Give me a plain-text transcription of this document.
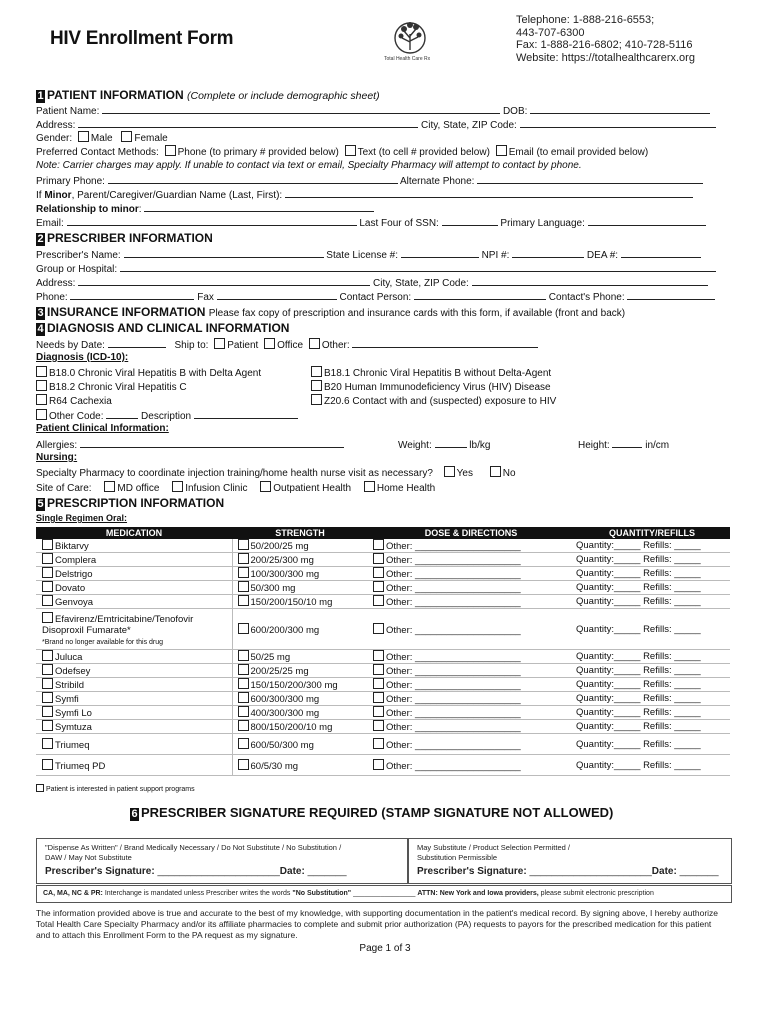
HIV Enrollment Form
Total Health Care Rx
Telephone: 1-888-216-6553;
443-707-6300
Fax: 1-888-216-6802; 410-728-5116
Website: https://totalhealthcarerx.org
1 PATIENT INFORMATION (Complete or include demographic sheet)
Patient Name:	DOB:
Address:	City, State, ZIP Code:
Gender: Male Female
Preferred Contact Methods: Phone (to primary # provided below) Text (to cell # provided below) Email (to email provided below)
Note: Carrier charges may apply. If unable to contact via text or email, Specialty Pharmacy will attempt to contact by phone.
Primary Phone:	Alternate Phone:
If Minor, Parent/Caregiver/Guardian Name (Last, First):
Relationship to minor:
Email:	Last Four of SSN:	Primary Language:
2 PRESCRIBER INFORMATION
Prescriber's Name:	State License #:	NPI #:	DEA #:
Group or Hospital:
Address:	City, State, ZIP Code:
Phone:	Fax	Contact Person:	Contact's Phone:
3 INSURANCE INFORMATION Please fax copy of prescription and insurance cards with this form, if available (front and back)
4 DIAGNOSIS AND CLINICAL INFORMATION
Needs by Date:	Ship to: Patient Office Other:
Diagnosis (ICD-10):
B18.0 Chronic Viral Hepatitis B with Delta Agent	B18.1 Chronic Viral Hepatitis B without Delta-Agent
B18.2 Chronic Viral Hepatitis C	B20 Human Immunodeficiency Virus (HIV) Disease
R64 Cachexia	Z20.6 Contact with and (suspected) exposure to HIV
Other Code:	Description
Patient Clinical Information:
Allergies:	Weight:	lb/kg	Height:	in/cm
Nursing:
Specialty Pharmacy to coordinate injection training/home health nurse visit as necessary? Yes	No
Site of Care:	MD office	Infusion Clinic	Outpatient Health	Home Health
5 PRESCRIPTION INFORMATION
Single Regimen Oral:
MEDICATION	STRENGTH	DOSE & DIRECTIONS	QUANTITY/REFILLS
Biktarvy	50/200/25 mg	Other: ____________________	Quantity:_____ Refills: _____
Complera	200/25/300 mg	Other: ____________________	Quantity:_____ Refills: _____
Delstrigo	100/300/300 mg	Other: ____________________	Quantity:_____ Refills: _____
Dovato	50/300 mg	Other: ____________________	Quantity:_____ Refills: _____
Genvoya	150/200/150/10 mg	Other: ____________________	Quantity:_____ Refills: _____
Efavirenz/Emtricitabine/Tenofovir
Disoproxil Fumarate*
*Brand no longer available for this drug	600/200/300 mg	Other: ____________________	Quantity:_____ Refills: _____
Juluca	50/25 mg	Other: ____________________	Quantity:_____ Refills: _____
Odefsey	200/25/25 mg	Other: ____________________	Quantity:_____ Refills: _____
Stribild	150/150/200/300 mg	Other: ____________________	Quantity:_____ Refills: _____
Symfi	600/300/300 mg	Other: ____________________	Quantity:_____ Refills: _____
Symfi Lo	400/300/300 mg	Other: ____________________	Quantity:_____ Refills: _____
Symtuza	800/150/200/10 mg	Other: ____________________	Quantity:_____ Refills: _____
Triumeq	600/50/300 mg	Other: ____________________	Quantity:_____ Refills: _____
Triumeq PD	60/5/30 mg	Other: ____________________	Quantity:_____ Refills: _____
Patient is interested in patient support programs
6 PRESCRIBER SIGNATURE REQUIRED (STAMP SIGNATURE NOT ALLOWED)
"Dispense As Written" / Brand Medically Necessary / Do Not Substitute / No Substitution /
DAW / May Not Substitute
Prescriber's Signature: ______________________Date: _______
May Substitute / Product Selection Permitted /
Substitution Permissible
Prescriber's Signature: ______________________Date: _______
CA, MA, NC & PR: Interchange is mandated unless Prescriber writes the words "No Substitution" ________________ ATTN: New York and Iowa providers, please submit electronic prescription
The information provided above is true and accurate to the best of my knowledge, with supporting documentation in the patient's medical record. By signing above, I hereby authorize Total Health Care Specialty Pharmacy and/or its affiliate pharmacies to complete and submit prior authorization (PA) requests to payors for the prescribed medication for this patient and to attach this Enrollment Form to the PA request as my signature.
Page 1 of 3
